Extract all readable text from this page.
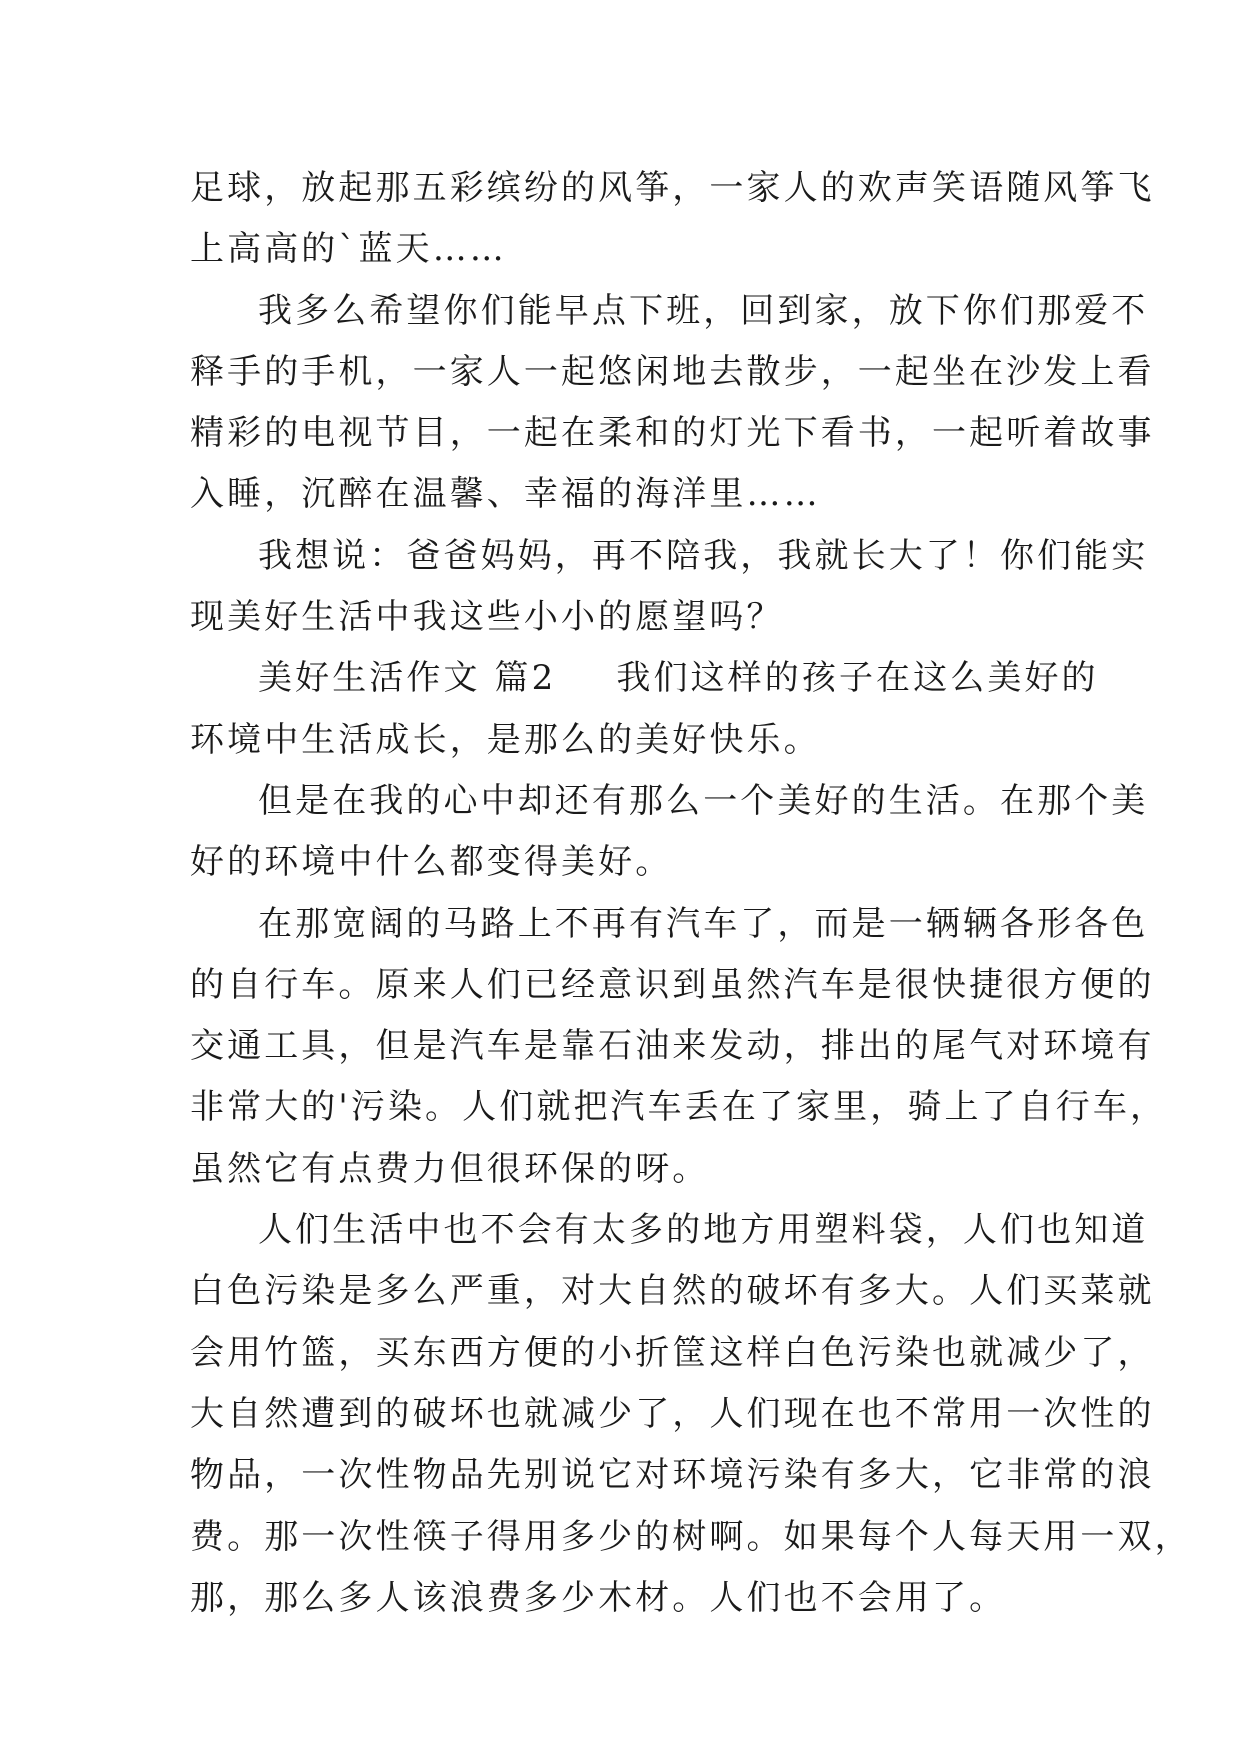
足球，放起那五彩缤纷的风筝，一家人的欢声笑语随风筝飞
上高高的`蓝天……
我多么希望你们能早点下班，回到家，放下你们那爱不
释手的手机，一家人一起悠闲地去散步，一起坐在沙发上看
精彩的电视节目，一起在柔和的灯光下看书，一起听着故事
入睡，沉醉在温馨、幸福的海洋里……
我想说：爸爸妈妈，再不陪我，我就长大了！你们能实
现美好生活中我这些小小的愿望吗？
美好生活作文 篇2 我们这样的孩子在这么美好的
环境中生活成长，是那么的美好快乐。
但是在我的心中却还有那么一个美好的生活。在那个美
好的环境中什么都变得美好。
在那宽阔的马路上不再有汽车了，而是一辆辆各形各色
的自行车。原来人们已经意识到虽然汽车是很快捷很方便的
交通工具，但是汽车是靠石油来发动，排出的尾气对环境有
非常大的'污染。人们就把汽车丢在了家里，骑上了自行车，
虽然它有点费力但很环保的呀。
人们生活中也不会有太多的地方用塑料袋，人们也知道
白色污染是多么严重，对大自然的破坏有多大。人们买菜就
会用竹篮，买东西方便的小折筐这样白色污染也就减少了，
大自然遭到的破坏也就减少了，人们现在也不常用一次性的
物品，一次性物品先别说它对环境污染有多大，它非常的浪
费。那一次性筷子得用多少的树啊。如果每个人每天用一双，
那，那么多人该浪费多少木材。人们也不会用了。
